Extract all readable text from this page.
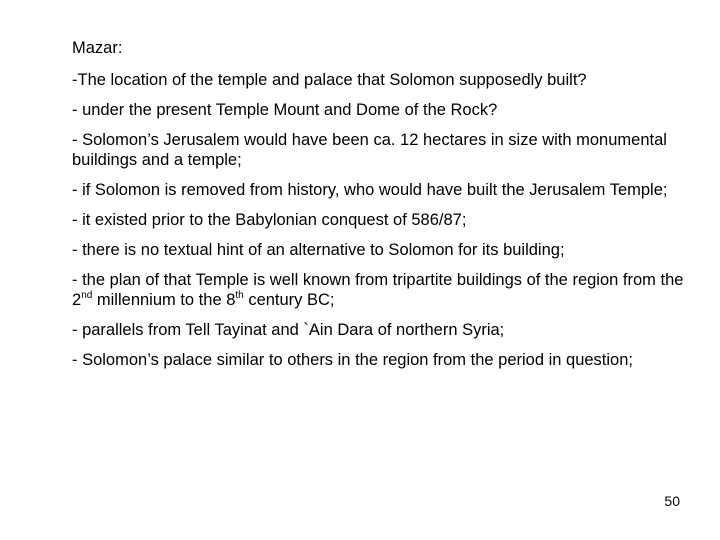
Mazar:
-The location of the temple and palace that Solomon supposedly built?
- under the present Temple Mount and Dome of the Rock?
- Solomon’s Jerusalem would have been ca. 12 hectares in size with monumental buildings and a temple;
- if Solomon is removed from history, who would have built the Jerusalem Temple;
- it existed prior to the Babylonian conquest of 586/87;
- there is no textual hint of an alternative to Solomon for its building;
- the plan of that Temple is well known from tripartite buildings of the region from the 2nd millennium to the 8th century BC;
- parallels from Tell Tayinat and `Ain Dara of northern Syria;
- Solomon’s palace similar to others in the region from the period in question;
50
